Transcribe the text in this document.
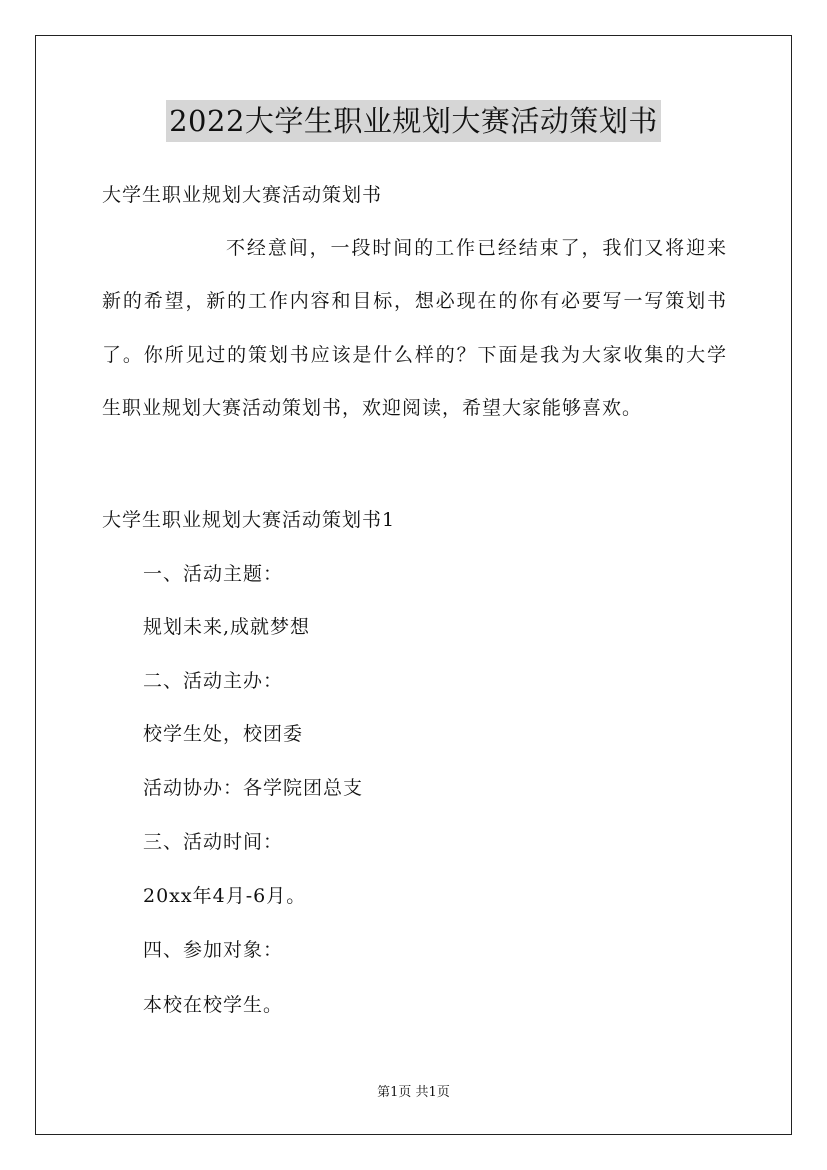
2022大学生职业规划大赛活动策划书
大学生职业规划大赛活动策划书
不经意间，一段时间的工作已经结束了，我们又将迎来
新的希望，新的工作内容和目标，想必现在的你有必要写一写策划书
了。你所见过的策划书应该是什么样的？下面是我为大家收集的大学
生职业规划大赛活动策划书，欢迎阅读，希望大家能够喜欢。
大学生职业规划大赛活动策划书1
一、活动主题：
规划未来,成就梦想
二、活动主办：
校学生处，校团委
活动协办：各学院团总支
三、活动时间：
20xx年4月-6月。
四、参加对象：
本校在校学生。
第1页 共1页
